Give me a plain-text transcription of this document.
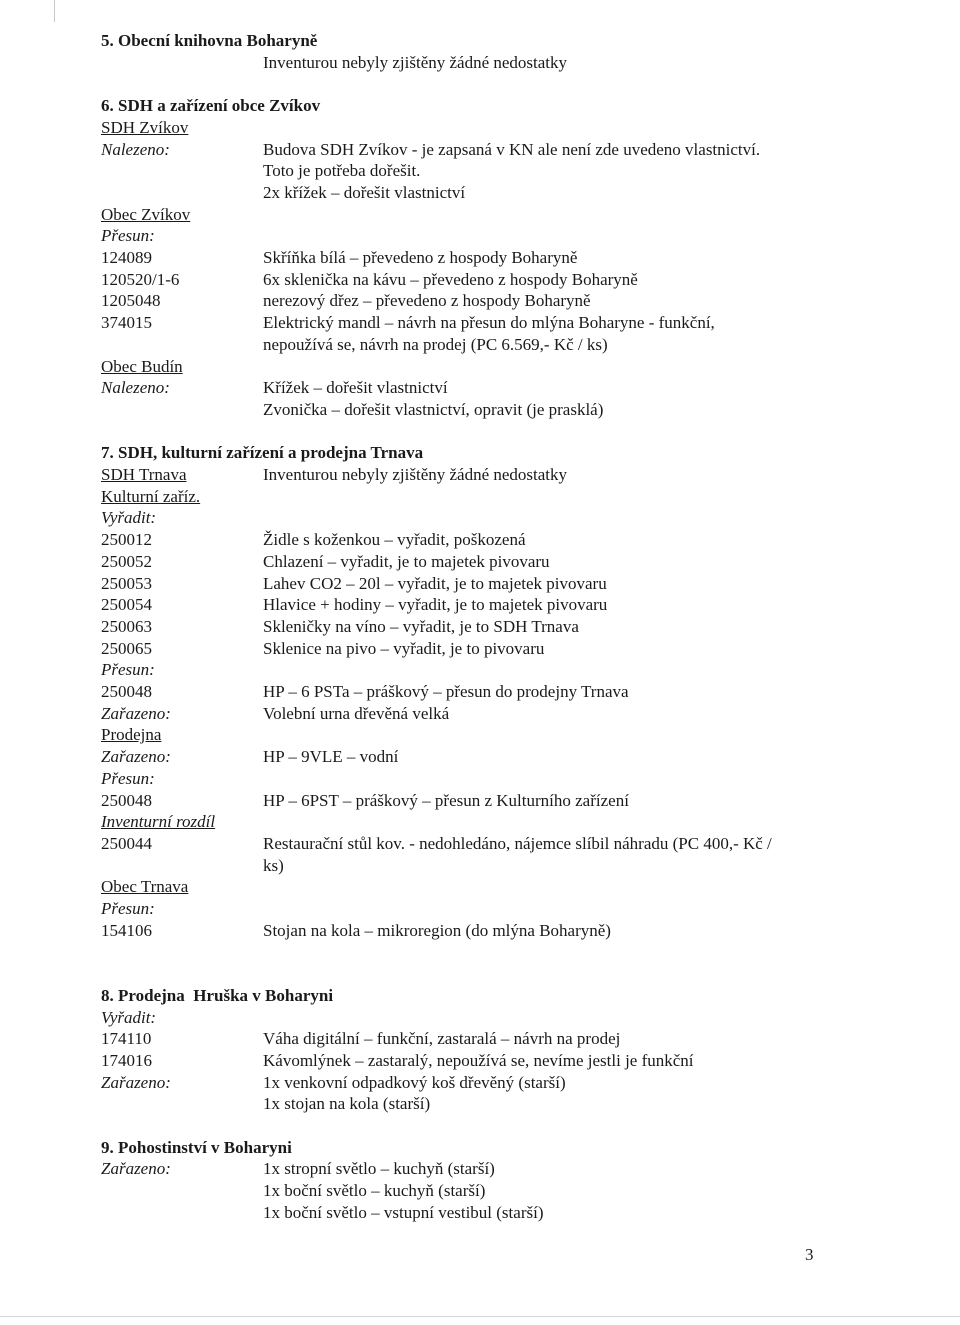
5. Obecní knihovna Boharyně
Inventurou nebyly zjištěny žádné nedostatky
6. SDH a zařízení obce Zvíkov
SDH Zvíkov
Nalezeno:	Budova SDH Zvíkov - je zapsaná v KN ale není zde uvedeno vlastnictví.
Toto je potřeba dořešit.
2x křížek – dořešit vlastnictví
Obec Zvíkov
Přesun:
124089	Skříňka bílá – převedeno z hospody Boharyně
120520/1-6	6x sklenička na kávu – převedeno z hospody Boharyně
1205048	nerezový dřez – převedeno z hospody Boharyně
374015	Elektrický mandl – návrh na přesun do mlýna Boharyne - funkční,
nepoužívá se, návrh na prodej (PC 6.569,- Kč / ks)
Obec Budín
Nalezeno:	Křížek – dořešit vlastnictví
Zvonička – dořešit vlastnictví, opravit (je prasklá)
7. SDH, kulturní zařízení a prodejna Trnava
SDH Trnava	Inventurou nebyly zjištěny žádné nedostatky
Kulturní zaříz.
Vyřadit:
250012	Židle s koženkou – vyřadit, poškozená
250052	Chlazení – vyřadit, je to majetek pivovaru
250053	Lahev CO2 – 20l – vyřadit, je to majetek pivovaru
250054	Hlavice + hodiny – vyřadit, je to majetek pivovaru
250063	Skleničky na víno – vyřadit, je to SDH Trnava
250065	Sklenice na pivo – vyřadit, je to pivovaru
Přesun:
250048	HP – 6 PSTa – práškový – přesun do prodejny Trnava
Zařazeno:	Volební urna dřevěná velká
Prodejna
Zařazeno:	HP – 9VLE – vodní
Přesun:
250048	HP – 6PST – práškový – přesun z Kulturního zařízení
Inventurní rozdíl
250044	Restaurační stůl kov. - nedohledáno, nájemce slíbil náhradu (PC 400,- Kč /
ks)
Obec Trnava
Přesun:
154106	Stojan na kola – mikroregion (do mlýna Boharyně)
8. Prodejna  Hruška v Boharyni
Vyřadit:
174110	Váha digitální – funkční, zastaralá – návrh na prodej
174016	Kávomlýnek – zastaralý, nepoužívá se, nevíme jestli je funkční
Zařazeno:	1x venkovní odpadkový koš dřevěný (starší)
1x stojan na kola (starší)
9. Pohostinství v Boharyni
Zařazeno:	1x stropní světlo – kuchyň (starší)
1x boční světlo – kuchyň (starší)
1x boční světlo – vstupní vestibul (starší)
3
